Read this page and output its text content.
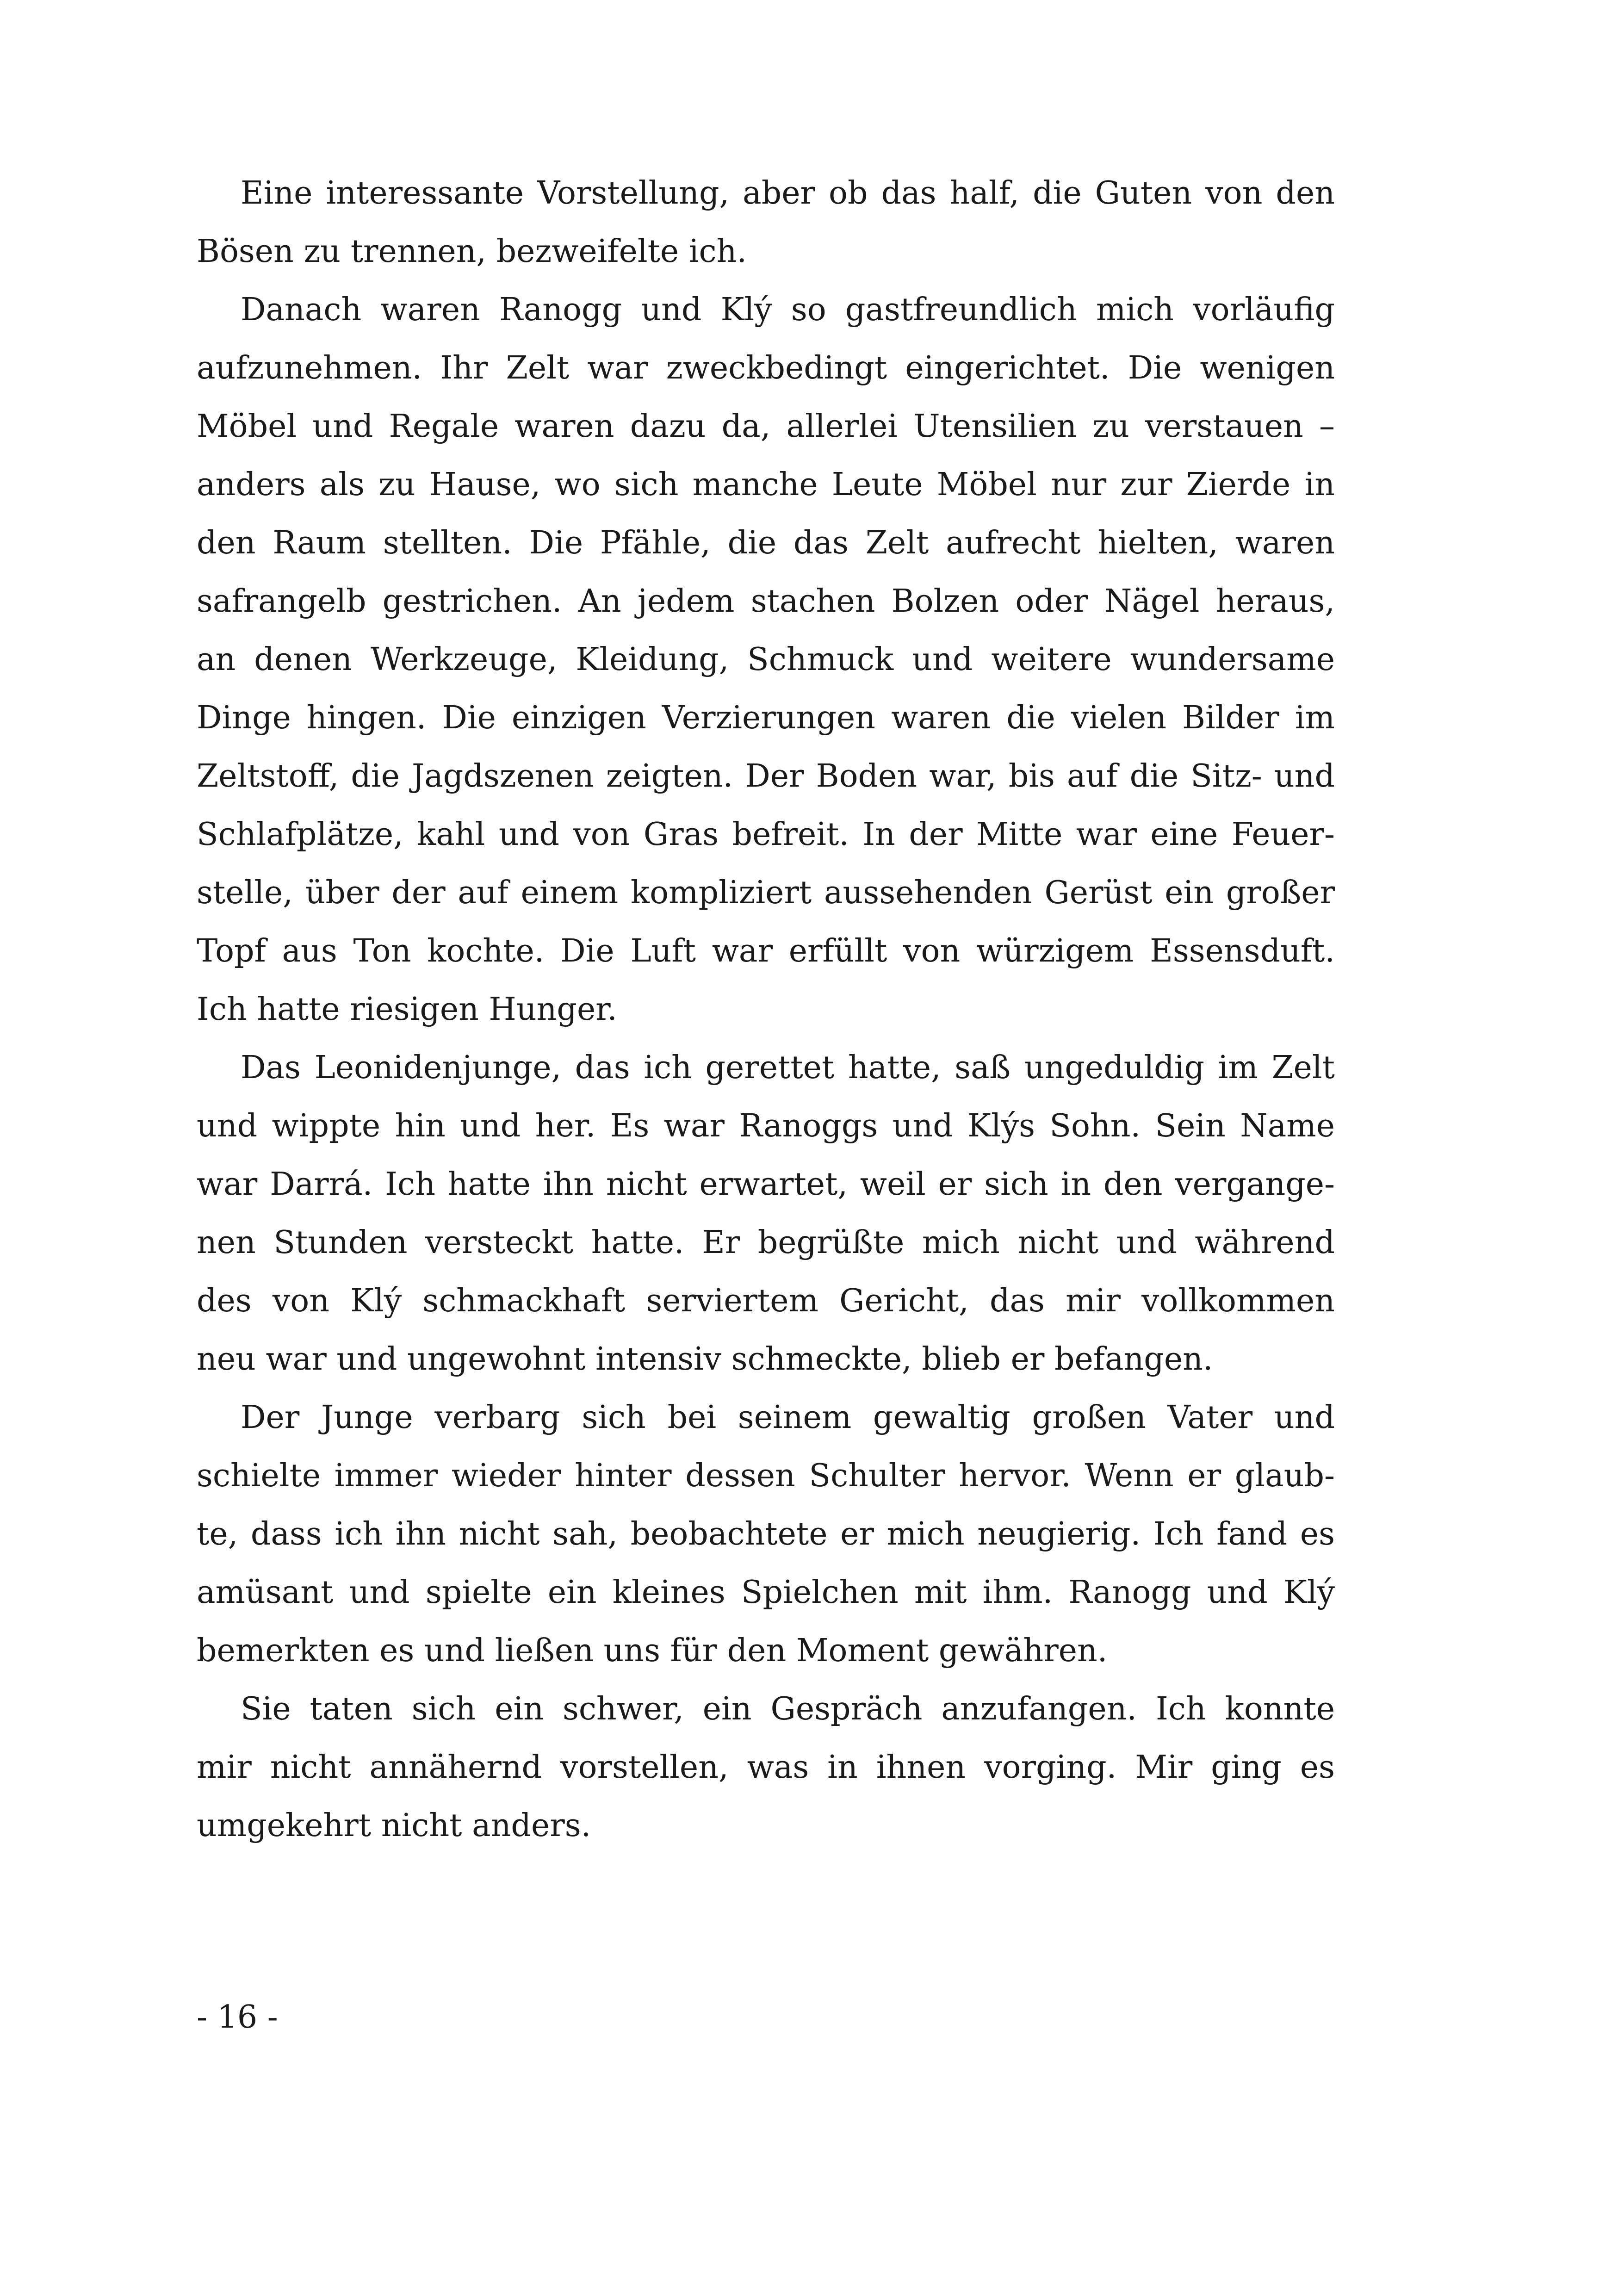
Eine interessante Vorstellung, aber ob das half, die Guten von den
Bösen zu trennen, bezweifelte ich.
Danach waren Ranogg und Klý so gastfreundlich mich vorläufig
aufzunehmen. Ihr Zelt war zweckbedingt eingerichtet. Die wenigen
Möbel und Regale waren dazu da, allerlei Utensilien zu verstauen –
anders als zu Hause, wo sich manche Leute Möbel nur zur Zierde in
den Raum stellten. Die Pfähle, die das Zelt aufrecht hielten, waren
safrangelb gestrichen. An jedem stachen Bolzen oder Nägel heraus,
an denen Werkzeuge, Kleidung, Schmuck und weitere wundersame
Dinge hingen. Die einzigen Verzierungen waren die vielen Bilder im
Zeltstoff, die Jagdszenen zeigten. Der Boden war, bis auf die Sitz- und
Schlafplätze, kahl und von Gras befreit. In der Mitte war eine Feuer-
stelle, über der auf einem kompliziert aussehenden Gerüst ein großer
Topf aus Ton kochte. Die Luft war erfüllt von würzigem Essensduft.
Ich hatte riesigen Hunger.
Das Leonidenjunge, das ich gerettet hatte, saß ungeduldig im Zelt
und wippte hin und her. Es war Ranoggs und Klýs Sohn. Sein Name
war Darrá. Ich hatte ihn nicht erwartet, weil er sich in den vergange-
nen Stunden versteckt hatte. Er begrüßte mich nicht und während
des von Klý schmackhaft serviertem Gericht, das mir vollkommen
neu war und ungewohnt intensiv schmeckte, blieb er befangen.
Der Junge verbarg sich bei seinem gewaltig großen Vater und
schielte immer wieder hinter dessen Schulter hervor. Wenn er glaub-
te, dass ich ihn nicht sah, beobachtete er mich neugierig. Ich fand es
amüsant und spielte ein kleines Spielchen mit ihm. Ranogg und Klý
bemerkten es und ließen uns für den Moment gewähren.
Sie taten sich ein schwer, ein Gespräch anzufangen. Ich konnte
mir nicht annähernd vorstellen, was in ihnen vorging. Mir ging es
umgekehrt nicht anders.
- 16 -
